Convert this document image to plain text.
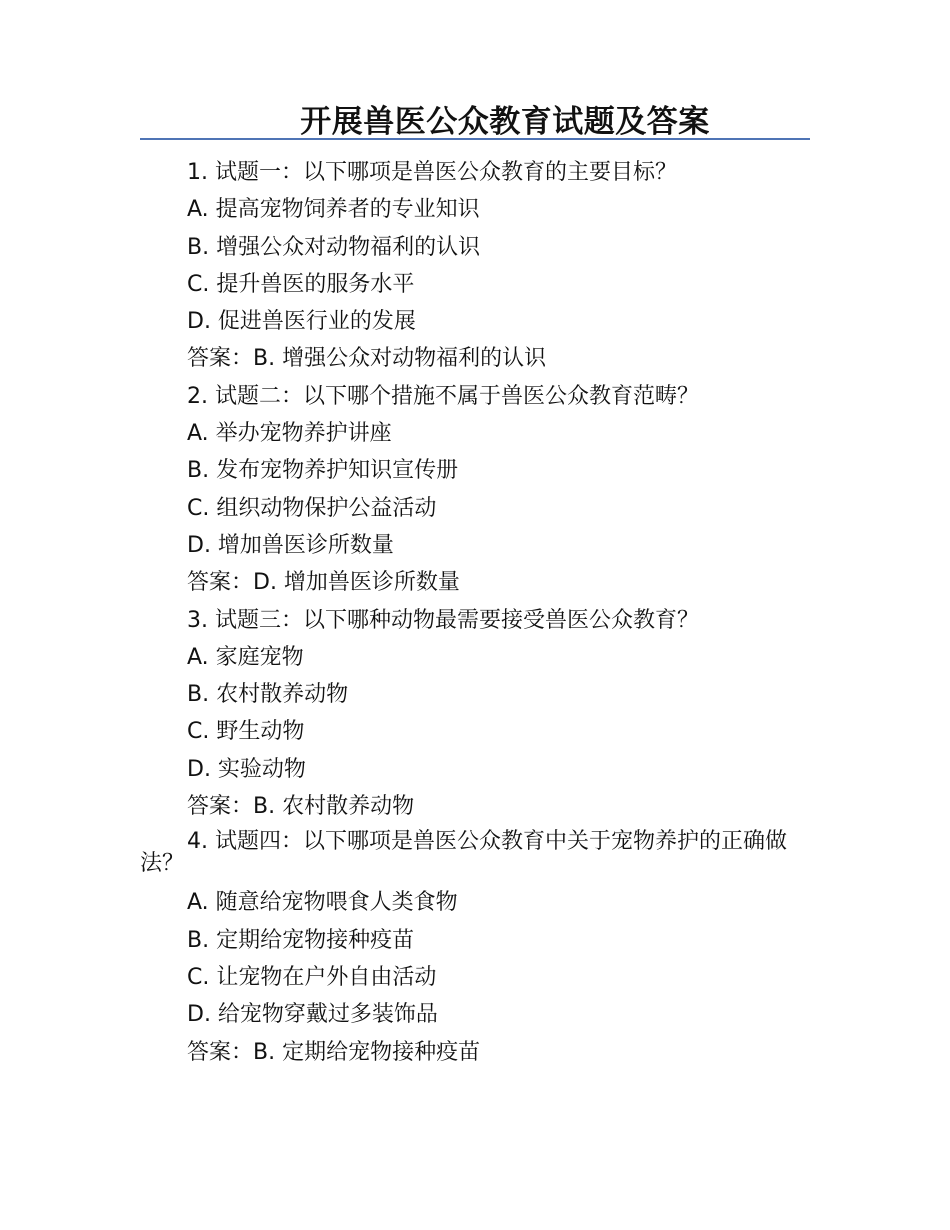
开展兽医公众教育试题及答案
1. 试题一：以下哪项是兽医公众教育的主要目标？
A. 提高宠物饲养者的专业知识
B. 增强公众对动物福利的认识
C. 提升兽医的服务水平
D. 促进兽医行业的发展
答案：B. 增强公众对动物福利的认识
2. 试题二：以下哪个措施不属于兽医公众教育范畴？
A. 举办宠物养护讲座
B. 发布宠物养护知识宣传册
C. 组织动物保护公益活动
D. 增加兽医诊所数量
答案：D. 增加兽医诊所数量
3. 试题三：以下哪种动物最需要接受兽医公众教育？
A. 家庭宠物
B. 农村散养动物
C. 野生动物
D. 实验动物
答案：B. 农村散养动物
4. 试题四：以下哪项是兽医公众教育中关于宠物养护的正确做法？
A. 随意给宠物喂食人类食物
B. 定期给宠物接种疫苗
C. 让宠物在户外自由活动
D. 给宠物穿戴过多装饰品
答案：B. 定期给宠物接种疫苗
